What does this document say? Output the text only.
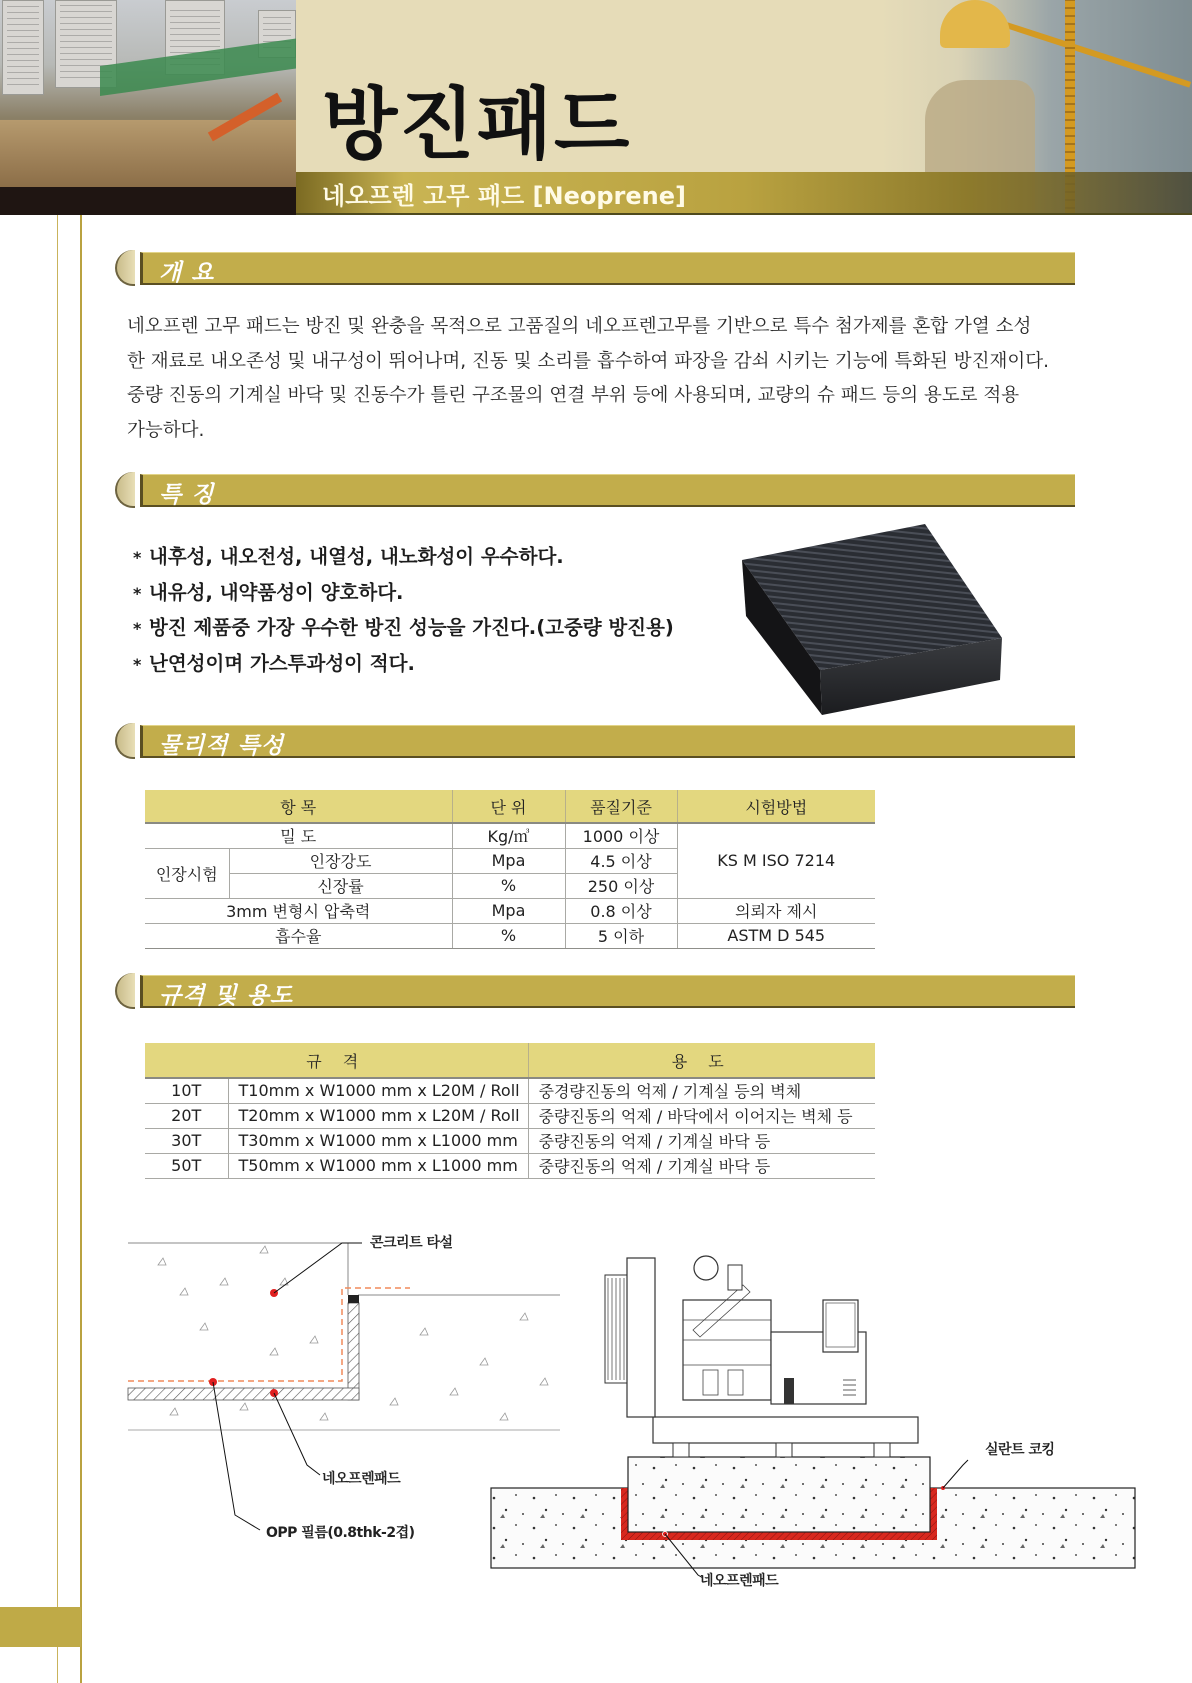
방진패드
네오프렌 고무 패드 [Neoprene]
개 요

네오프렌 고무 패드는 방진 및 완충을 목적으로 고품질의 네오프렌고무를 기반으로 특수 첨가제를 혼합 가열 소성

한 재료로 내오존성 및 내구성이 뛰어나며, 진동 및 소리를 흡수하여 파장을 감쇠 시키는 기능에 특화된 방진재이다.

중량 진동의 기계실 바닥 및 진동수가 틀린 구조물의 연결 부위 등에 사용되며, 교량의 슈 패드 등의 용도로 적용

가능하다.

특 징
* 내후성, 내오전성, 내열성, 내노화성이 우수하다.
* 내유성, 내약품성이 양호하다.
* 방진 제품중 가장 우수한 방진 성능을 가진다.(고중량 방진용)
* 난연성이며 가스투과성이 적다.
물리적 특성
항 목		단 위	품질기준	시험방법
밀 도		Kg/㎥	1000 이상	KS M ISO 7214
인장시험	인장강도	Mpa	4.5 이상	
	신장률	%	250 이상	
3mm 변형시 압축력		Mpa	0.8 이상	의뢰자 제시
흡수율		%	5 이하	ASTM D 545
규격 및 용도
규 격		용 도
10T	T10mm x W1000 mm x L20M / Roll	중경량진동의 억제 / 기계실 등의 벽체
20T	T20mm x W1000 mm x L20M / Roll	중량진동의 억제 / 바닥에서 이어지는 벽체 등
30T	T30mm x W1000 mm x L1000 mm	중량진동의 억제 / 기계실 바닥 등
50T	T50mm x W1000 mm x L1000 mm	중량진동의 억제 / 기계실 바닥 등
콘크리트 타설
네오프렌패드
OPP 필름(0.8thk-2겹)
실란트 코킹
네오프렌패드
